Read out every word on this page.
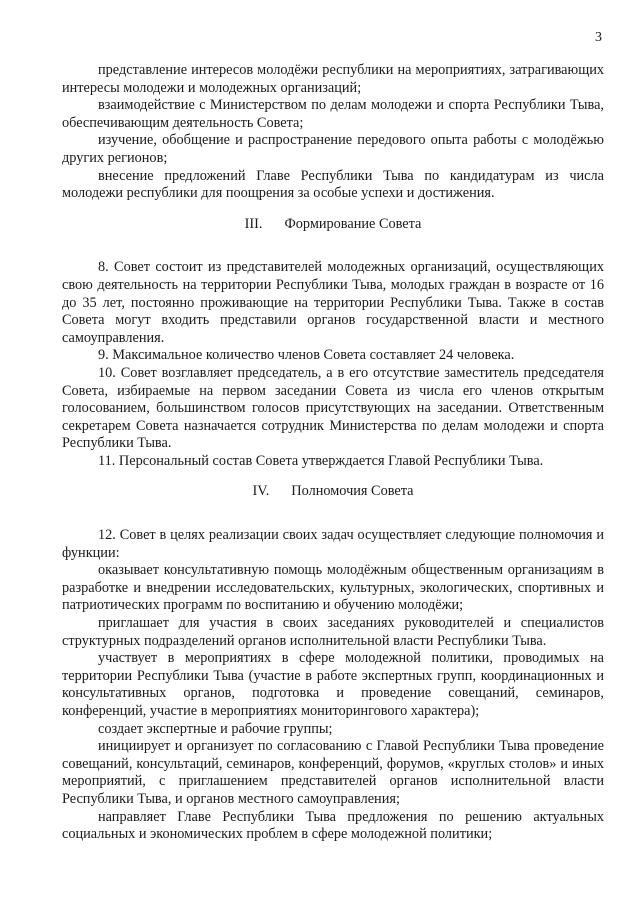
3

представление интересов молодёжи республики на мероприятиях, затрагивающих интересы молодежи и молодежных организаций;

взаимодействие с Министерством по делам молодежи и спорта Республики Тыва, обеспечивающим деятельность Совета;

изучение, обобщение и распространение передового опыта работы с молодёжью других регионов;

внесение предложений Главе Республики Тыва по кандидатурам из числа молодежи республики для поощрения за особые успехи и достижения.

III. Формирование Совета

8. Совет состоит из представителей молодежных организаций, осуществляющих свою деятельность на территории Республики Тыва, молодых граждан в возрасте от 16 до 35 лет, постоянно проживающие на территории Республики Тыва. Также в состав Совета могут входить представили органов государственной власти и местного самоуправления.

9. Максимальное количество членов Совета составляет 24 человека.

10. Совет возглавляет председатель, а в его отсутствие заместитель председателя Совета, избираемые на первом заседании Совета из числа его членов открытым голосованием, большинством голосов присутствующих на заседании. Ответственным секретарем Совета назначается сотрудник Министерства по делам молодежи и спорта Республики Тыва.

11. Персональный состав Совета утверждается Главой Республики Тыва.

IV. Полномочия Совета

12. Совет в целях реализации своих задач осуществляет следующие полномочия и функции:

оказывает консультативную помощь молодёжным общественным организациям в разработке и внедрении исследовательских, культурных, экологических, спортивных и патриотических программ по воспитанию и обучению молодёжи;

приглашает для участия в своих заседаниях руководителей и специалистов структурных подразделений органов исполнительной власти Республики Тыва.

участвует в мероприятиях в сфере молодежной политики, проводимых на территории Республики Тыва (участие в работе экспертных групп, координационных и консультативных органов, подготовка и проведение совещаний, семинаров, конференций, участие в мероприятиях мониторингового характера);

создает экспертные и рабочие группы;

инициирует и организует по согласованию с Главой Республики Тыва проведение совещаний, консультаций, семинаров, конференций, форумов, «круглых столов» и иных мероприятий, с приглашением представителей органов исполнительной власти Республики Тыва, и органов местного самоуправления;

направляет Главе Республики Тыва предложения по решению актуальных социальных и экономических проблем в сфере молодежной политики;
